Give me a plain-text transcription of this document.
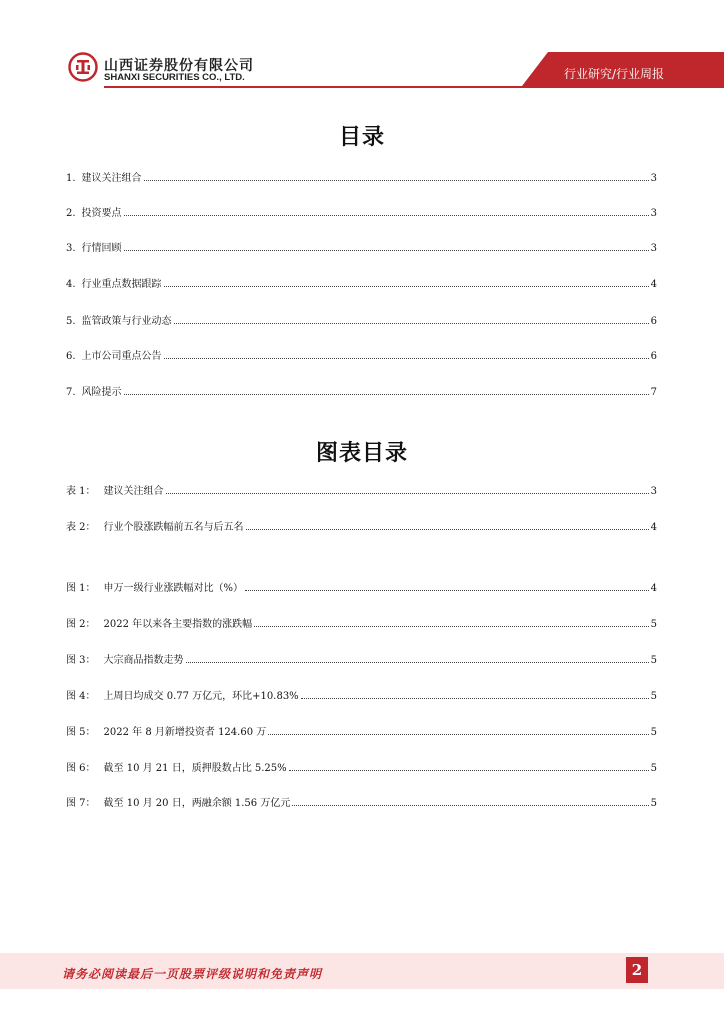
山西证券股份有限公司
SHANXI SECURITIES CO., LTD.	行业研究/行业周报
目录
1. 建议关注组合	3
2. 投资要点	3
3. 行情回顾	3
4. 行业重点数据跟踪	4
5. 监管政策与行业动态	6
6. 上市公司重点公告	6
7. 风险提示	7
图表目录
表 1： 建议关注组合	3
表 2： 行业个股涨跌幅前五名与后五名	4
图 1： 申万一级行业涨跌幅对比（%）	4
图 2： 2022 年以来各主要指数的涨跌幅	5
图 3： 大宗商品指数走势	5
图 4： 上周日均成交 0.77 万亿元，环比+10.83%	5
图 5： 2022 年 8 月新增投资者 124.60 万	5
图 6： 截至 10 月 21 日，质押股数占比 5.25%	5
图 7： 截至 10 月 20 日，两融余额 1.56 万亿元	5
请务必阅读最后一页股票评级说明和免责声明	2
